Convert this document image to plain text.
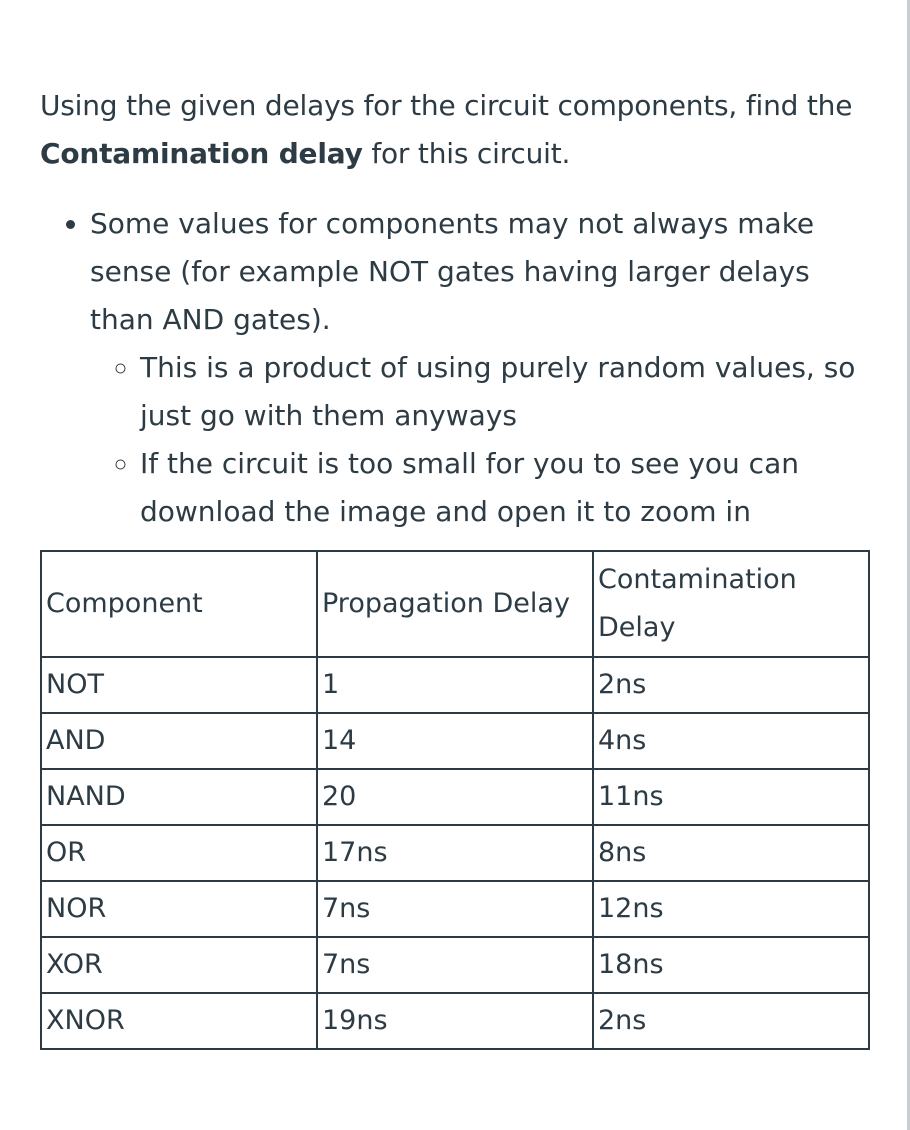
Using the given delays for the circuit components, find the Contamination delay for this circuit.

• Some values for components may not always make sense (for example NOT gates having larger delays than AND gates).
◦ This is a product of using purely random values, so just go with them anyways
◦ If the circuit is too small for you to see you can download the image and open it to zoom in
Component	Propagation Delay	Contamination Delay
NOT	1	2ns
AND	14	4ns
NAND	20	11ns
OR	17ns	8ns
NOR	7ns	12ns
XOR	7ns	18ns
XNOR	19ns	2ns
